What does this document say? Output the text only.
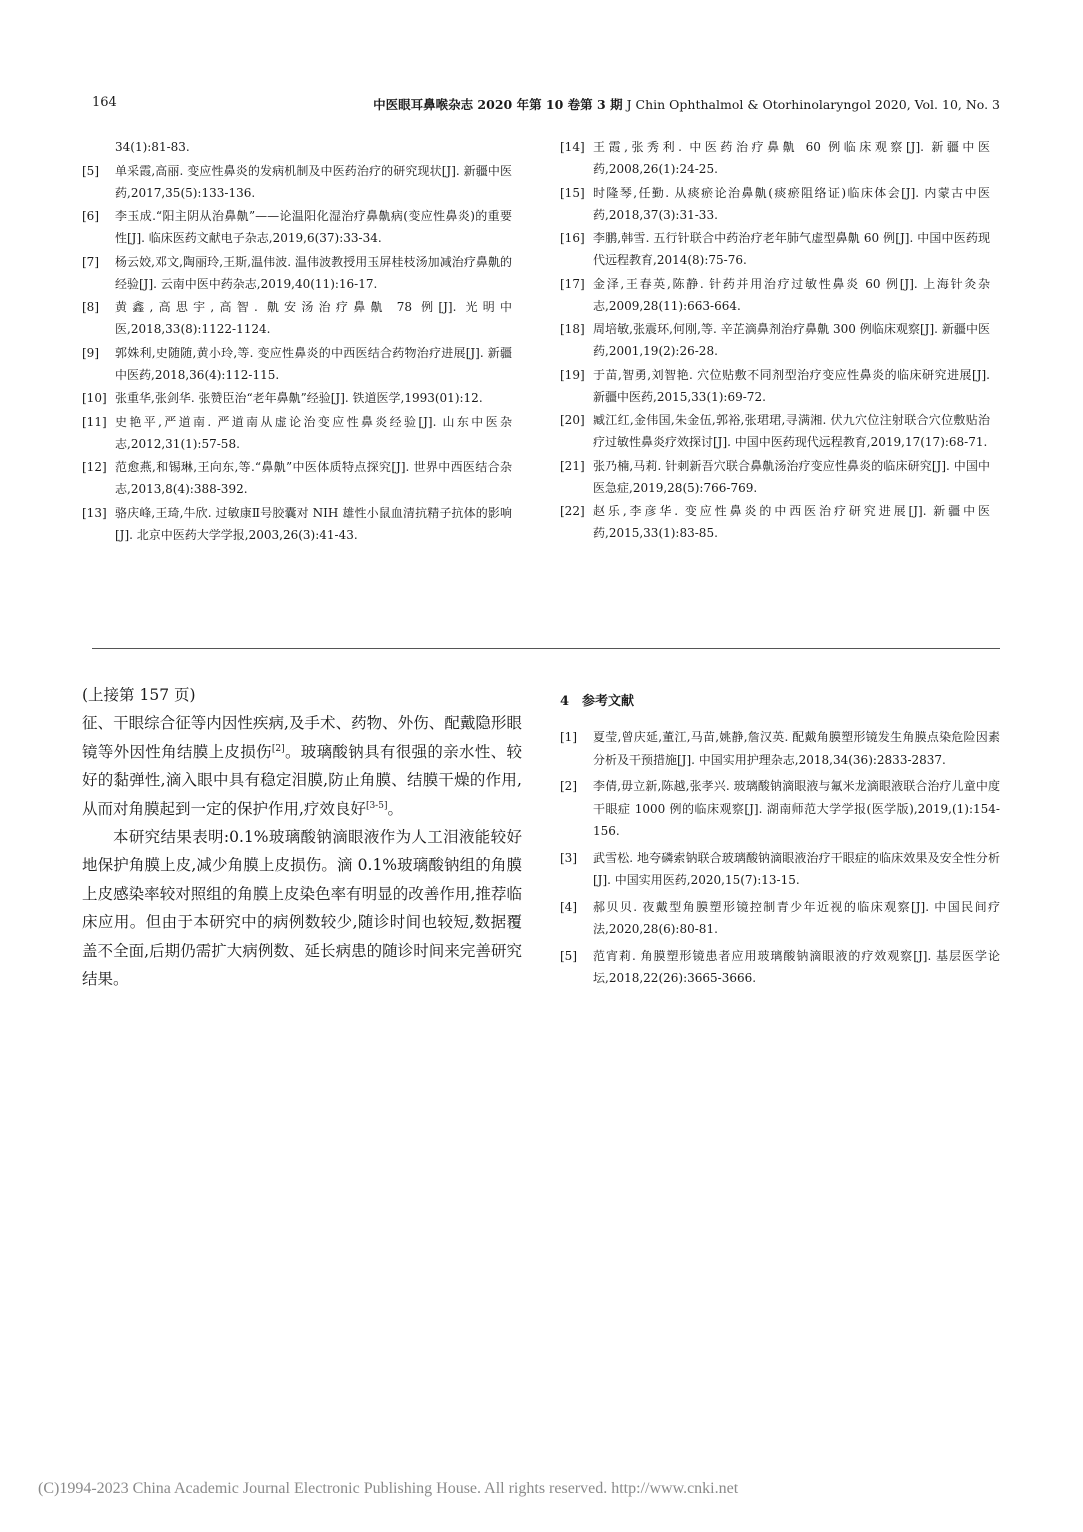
164	中医眼耳鼻喉杂志 2020 年第 10 卷第 3 期 J Chin Ophthalmol & Otorhinolaryngol 2020, Vol. 10, No. 3
34(1):81-83.
[5]	单采霞,高丽. 变应性鼻炎的发病机制及中医药治疗的研究现状[J]. 新疆中医药,2017,35(5):133-136.
[6]	李玉成.“阳主阴从治鼻鼽”——论温阳化湿治疗鼻鼽病(变应性鼻炎)的重要性[J]. 临床医药文献电子杂志,2019,6(37):33-34.
[7]	杨云姣,邓文,陶丽玲,王斯,温伟波. 温伟波教授用玉屏桂枝汤加减治疗鼻鼽的经验[J]. 云南中医中药杂志,2019,40(11):16-17.
[8]	黄鑫,高思宇,高智. 鼽安汤治疗鼻鼽 78 例[J]. 光明中医,2018,33(8):1122-1124.
[9]	郭姝利,史随随,黄小玲,等. 变应性鼻炎的中西医结合药物治疗进展[J]. 新疆中医药,2018,36(4):112-115.
[10] 张重华,张剑华. 张赞臣治“老年鼻鼽”经验[J]. 铁道医学,1993(01):12.
[11] 史艳平,严道南. 严道南从虚论治变应性鼻炎经验[J]. 山东中医杂志,2012,31(1):57-58.
[12] 范愈燕,和锡琳,王向东,等.“鼻鼽”中医体质特点探究[J]. 世界中西医结合杂志,2013,8(4):388-392.
[13] 骆庆峰,王琦,牛欣. 过敏康Ⅱ号胶囊对 NIH 雄性小鼠血清抗精子抗体的影响[J]. 北京中医药大学学报,2003,26(3):41-43.
[14] 王霞,张秀利. 中医药治疗鼻鼽 60 例临床观察[J]. 新疆中医药,2008,26(1):24-25.
[15] 时隆琴,任勤. 从痰瘀论治鼻鼽(痰瘀阻络证)临床体会[J]. 内蒙古中医药,2018,37(3):31-33.
[16] 李鹏,韩雪. 五行针联合中药治疗老年肺气虚型鼻鼽 60 例[J]. 中国中医药现代远程教育,2014(8):75-76.
[17] 金泽,王春英,陈静. 针药并用治疗过敏性鼻炎 60 例[J]. 上海针灸杂志,2009,28(11):663-664.
[18] 周培敏,张震环,何刚,等. 辛芷滴鼻剂治疗鼻鼽 300 例临床观察[J]. 新疆中医药,2001,19(2):26-28.
[19] 于苗,智勇,刘智艳. 穴位贴敷不同剂型治疗变应性鼻炎的临床研究进展[J]. 新疆中医药,2015,33(1):69-72.
[20] 臧江红,金伟国,朱金伍,郭裕,张珺珺,寻满湘. 伏九穴位注射联合穴位敷贴治疗过敏性鼻炎疗效探讨[J]. 中国中医药现代远程教育,2019,17(17):68-71.
[21] 张乃楠,马莉. 针刺新吾穴联合鼻鼽汤治疗变应性鼻炎的临床研究[J]. 中国中医急症,2019,28(5):766-769.
[22] 赵乐,李彦华. 变应性鼻炎的中西医治疗研究进展[J]. 新疆中医药,2015,33(1):83-85.

(上接第 157 页)

征、干眼综合征等内因性疾病,及手术、药物、外伤、配戴隐形眼镜等外因性角结膜上皮损伤[2]。玻璃酸钠具有很强的亲水性、较好的黏弹性,滴入眼中具有稳定泪膜,防止角膜、结膜干燥的作用,从而对角膜起到一定的保护作用,疗效良好[3-5]。

本研究结果表明:0.1%玻璃酸钠滴眼液作为人工泪液能较好地保护角膜上皮,减少角膜上皮损伤。滴 0.1%玻璃酸钠组的角膜上皮感染率较对照组的角膜上皮染色率有明显的改善作用,推荐临床应用。但由于本研究中的病例数较少,随诊时间也较短,数据覆盖不全面,后期仍需扩大病例数、延长病患的随诊时间来完善研究结果。

4 参考文献
[1]	夏莹,曾庆延,董江,马苗,姚静,詹汉英. 配戴角膜塑形镜发生角膜点染危险因素分析及干预措施[J]. 中国实用护理杂志,2018,34(36):2833-2837.
[2]	李倩,毋立新,陈越,张孝兴. 玻璃酸钠滴眼液与氟米龙滴眼液联合治疗儿童中度干眼症 1000 例的临床观察[J]. 湖南师范大学学报(医学版),2019,(1):154-156.
[3]	武雪松. 地夸磷索钠联合玻璃酸钠滴眼液治疗干眼症的临床效果及安全性分析[J]. 中国实用医药,2020,15(7):13-15.
[4]	郝贝贝. 夜戴型角膜塑形镜控制青少年近视的临床观察[J]. 中国民间疗法,2020,28(6):80-81.
[5]	范宵莉. 角膜塑形镜患者应用玻璃酸钠滴眼液的疗效观察[J]. 基层医学论坛,2018,22(26):3665-3666.
(C)1994-2023 China Academic Journal Electronic Publishing House. All rights reserved. http://www.cnki.net
